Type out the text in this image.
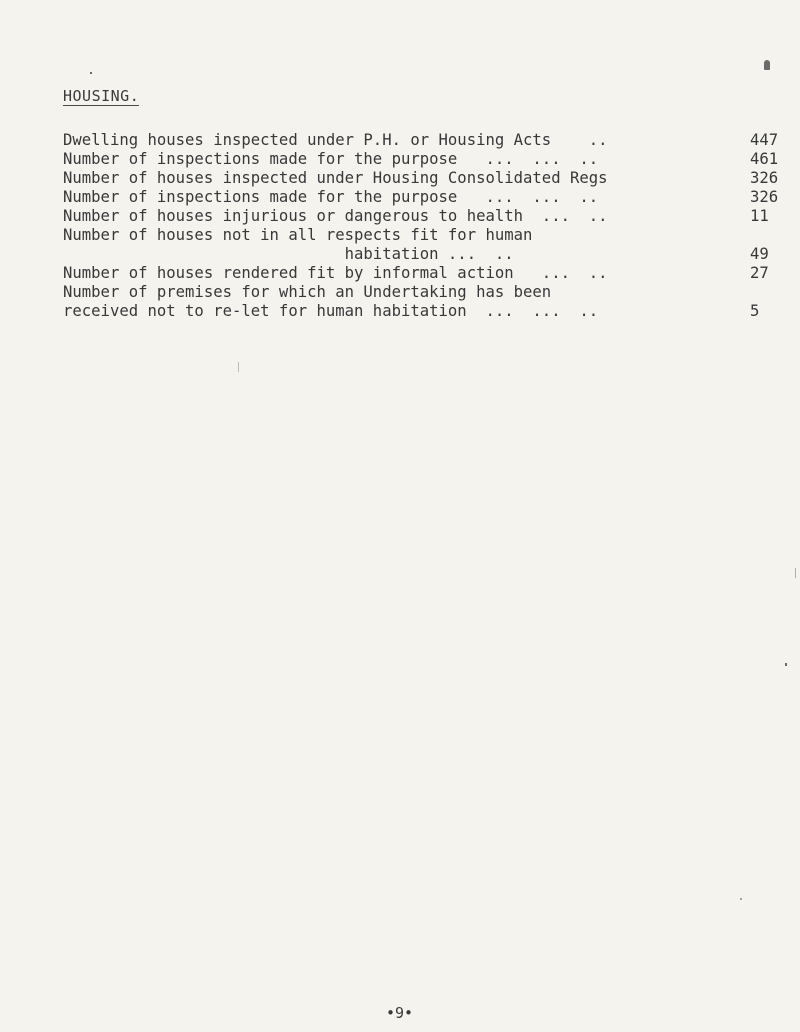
HOUSING.
Dwelling houses inspected under P.H. or Housing Acts    ..	447
Number of inspections made for the purpose   ...  ...  ..	461
Number of houses inspected under Housing Consolidated Regs	326
Number of inspections made for the purpose   ...  ...  ..	326
Number of houses injurious or dangerous to health  ...  ..	11
Number of houses not in all respects fit for human
habitation ...  ..	49
Number of houses rendered fit by informal action   ...  ..	27
Number of premises for which an Undertaking has been
received not to re-let for human habitation  ...  ...  ..	5
•9•
